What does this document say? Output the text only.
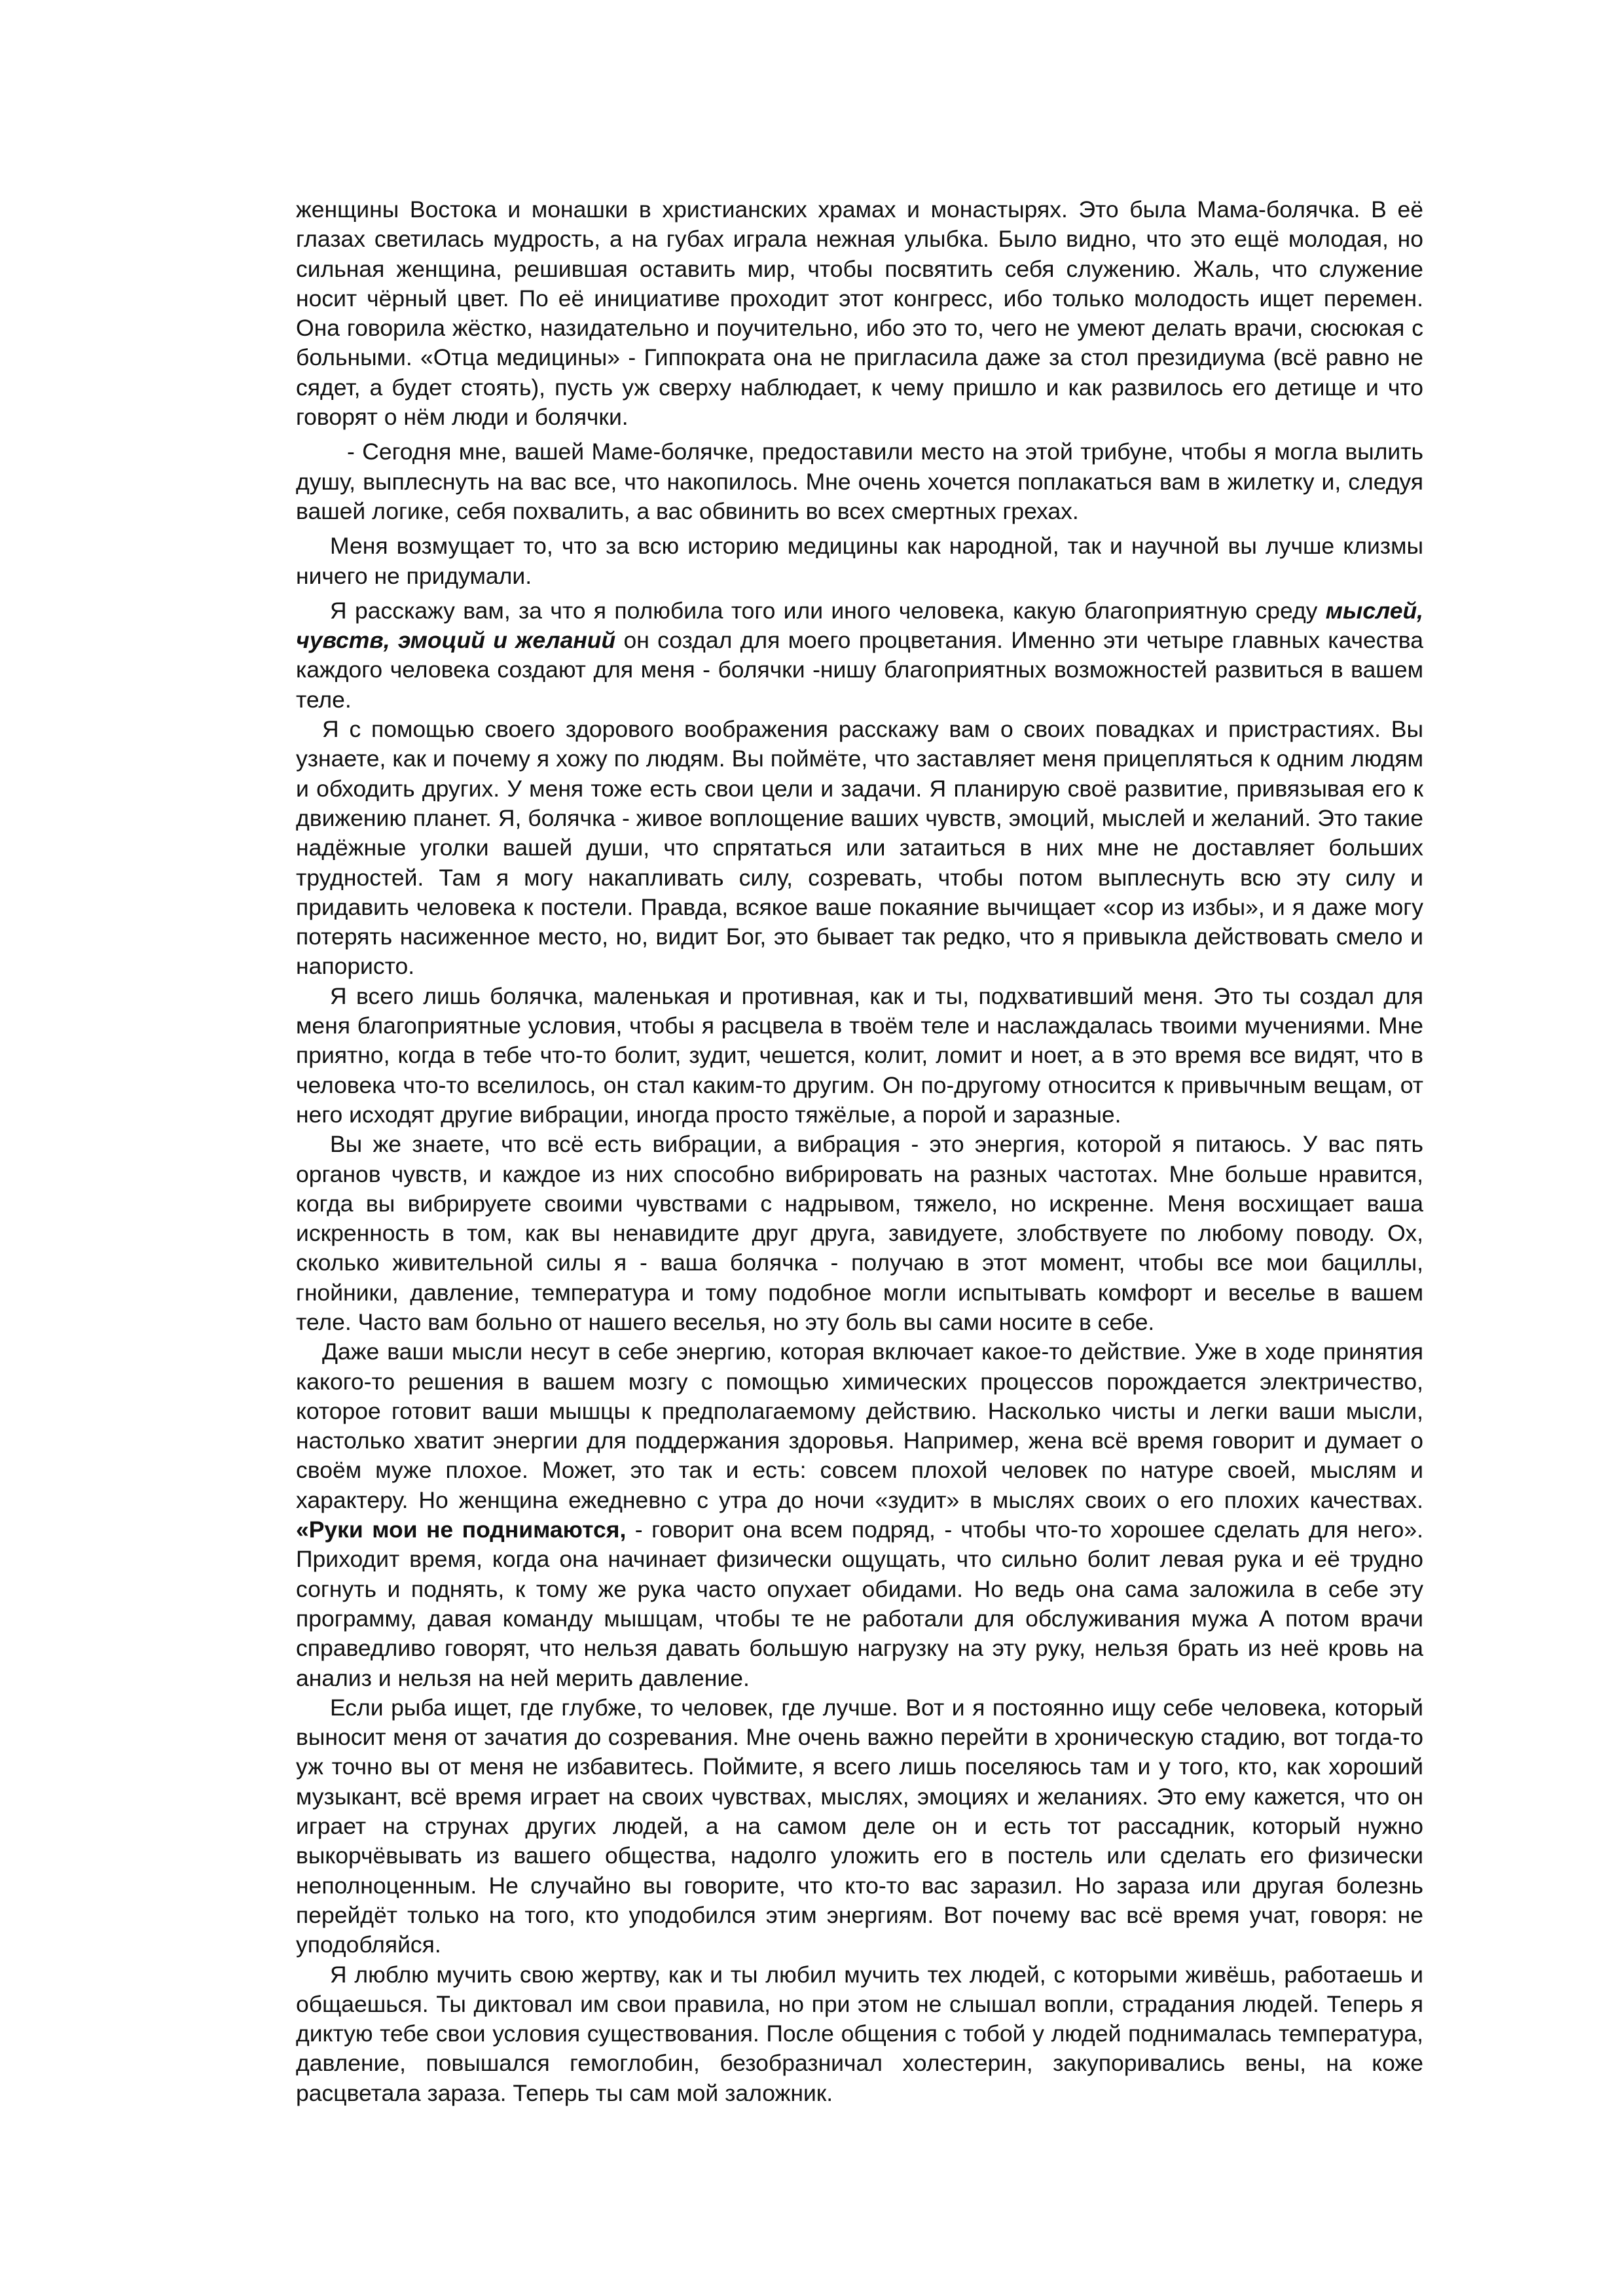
женщины Востока и монашки в христианских храмах и монастырях. Это была Мама-болячка. В её глазах светилась мудрость, а на губах играла нежная улыбка. Было видно, что это ещё молодая, но сильная женщина, решившая оставить мир, чтобы посвятить себя служению. Жаль, что служение носит чёрный цвет. По её инициативе проходит этот конгресс, ибо только молодость ищет перемен. Она говорила жёстко, назидательно и поучительно, ибо это то, чего не умеют делать врачи, сюсюкая с больными. «Отца медицины» - Гиппократа она не пригласила даже за стол президиума (всё равно не сядет, а будет стоять), пусть уж сверху наблюдает, к чему пришло и как развилось его детище и что говорят о нём люди и болячки.

- Сегодня мне, вашей Маме-болячке, предоставили место на этой трибуне, чтобы я могла вылить душу, выплеснуть на вас все, что накопилось. Мне очень хочется поплакаться вам в жилетку и, следуя вашей логике, себя похвалить, а вас обвинить во всех смертных грехах.

Меня возмущает то, что за всю историю медицины как народной, так и научной вы лучше клизмы ничего не придумали.

Я расскажу вам, за что я полюбила того или иного человека, какую благоприятную среду мыслей, чувств, эмоций и желаний он создал для моего процветания. Именно эти четыре главных качества каждого человека создают для меня - болячки -нишу благоприятных возможностей развиться в вашем теле.

Я с помощью своего здорового воображения расскажу вам о своих повадках и пристрастиях. Вы узнаете, как и почему я хожу по людям. Вы поймёте, что заставляет меня прицепляться к одним людям и обходить других. У меня тоже есть свои цели и задачи. Я планирую своё развитие, привязывая его к движению планет. Я, болячка - живое воплощение ваших чувств, эмоций, мыслей и желаний. Это такие надёжные уголки вашей души, что спрятаться или затаиться в них мне не доставляет больших трудностей. Там я могу накапливать силу, созревать, чтобы потом выплеснуть всю эту силу и придавить человека к постели. Правда, всякое ваше покаяние вычищает «сор из избы», и я даже могу потерять насиженное место, но, видит Бог, это бывает так редко, что я привыкла действовать смело и напористо.

Я всего лишь болячка, маленькая и противная, как и ты, подхвативший меня. Это ты создал для меня благоприятные условия, чтобы я расцвела в твоём теле и наслаждалась твоими мучениями. Мне приятно, когда в тебе что-то болит, зудит, чешется, колит, ломит и ноет, а в это время все видят, что в человека что-то вселилось, он стал каким-то другим. Он по-другому относится к привычным вещам, от него исходят другие вибрации, иногда просто тяжёлые, а порой и заразные.

Вы же знаете, что всё есть вибрации, а вибрация - это энергия, которой я питаюсь. У вас пять органов чувств, и каждое из них способно вибрировать на разных частотах. Мне больше нравится, когда вы вибрируете своими чувствами с надрывом, тяжело, но искренне. Меня восхищает ваша искренность в том, как вы ненавидите друг друга, завидуете, злобствуете по любому поводу. Ох, сколько живительной силы я - ваша болячка - получаю в этот момент, чтобы все мои бациллы, гнойники, давление, температура и тому подобное могли испытывать комфорт и веселье в вашем теле. Часто вам больно от нашего веселья, но эту боль вы сами носите в себе.

Даже ваши мысли несут в себе энергию, которая включает какое-то действие. Уже в ходе принятия какого-то решения в вашем мозгу с помощью химических процессов порождается электричество, которое готовит ваши мышцы к предполагаемому действию. Насколько чисты и легки ваши мысли, настолько хватит энергии для поддержания здоровья. Например, жена всё время говорит и думает о своём муже плохое. Может, это так и есть: совсем плохой человек по натуре своей, мыслям и характеру. Но женщина ежедневно с утра до ночи «зудит» в мыслях своих о его плохих качествах. «Руки мои не поднимаются, - говорит она всем подряд, - чтобы что-то хорошее сделать для него». Приходит время, когда она начинает физически ощущать, что сильно болит левая рука и её трудно согнуть и поднять, к тому же рука часто опухает обидами. Но ведь она сама заложила в себе эту программу, давая команду мышцам, чтобы те не работали для обслуживания мужа А потом врачи справедливо говорят, что нельзя давать большую нагрузку на эту руку, нельзя брать из неё кровь на анализ и нельзя на ней мерить давление.

Если рыба ищет, где глубже, то человек, где лучше. Вот и я постоянно ищу себе человека, который выносит меня от зачатия до созревания. Мне очень важно перейти в хроническую стадию, вот тогда-то уж точно вы от меня не избавитесь. Поймите, я всего лишь поселяюсь там и у того, кто, как хороший музыкант, всё время играет на своих чувствах, мыслях, эмоциях и желаниях. Это ему кажется, что он играет на струнах других людей, а на самом деле он и есть тот рассадник, который нужно выкорчёвывать из вашего общества, надолго уложить его в постель или сделать его физически неполноценным. Не случайно вы говорите, что кто-то вас заразил. Но зараза или другая болезнь перейдёт только на того, кто уподобился этим энергиям. Вот почему вас всё время учат, говоря: не уподобляйся.

Я люблю мучить свою жертву, как и ты любил мучить тех людей, с которыми живёшь, работаешь и общаешься. Ты диктовал им свои правила, но при этом не слышал вопли, страдания людей. Теперь я диктую тебе свои условия существования. После общения с тобой у людей поднималась температура, давление, повышался гемоглобин, безобразничал холестерин, закупоривались вены, на коже расцветала зараза. Теперь ты сам мой заложник.
